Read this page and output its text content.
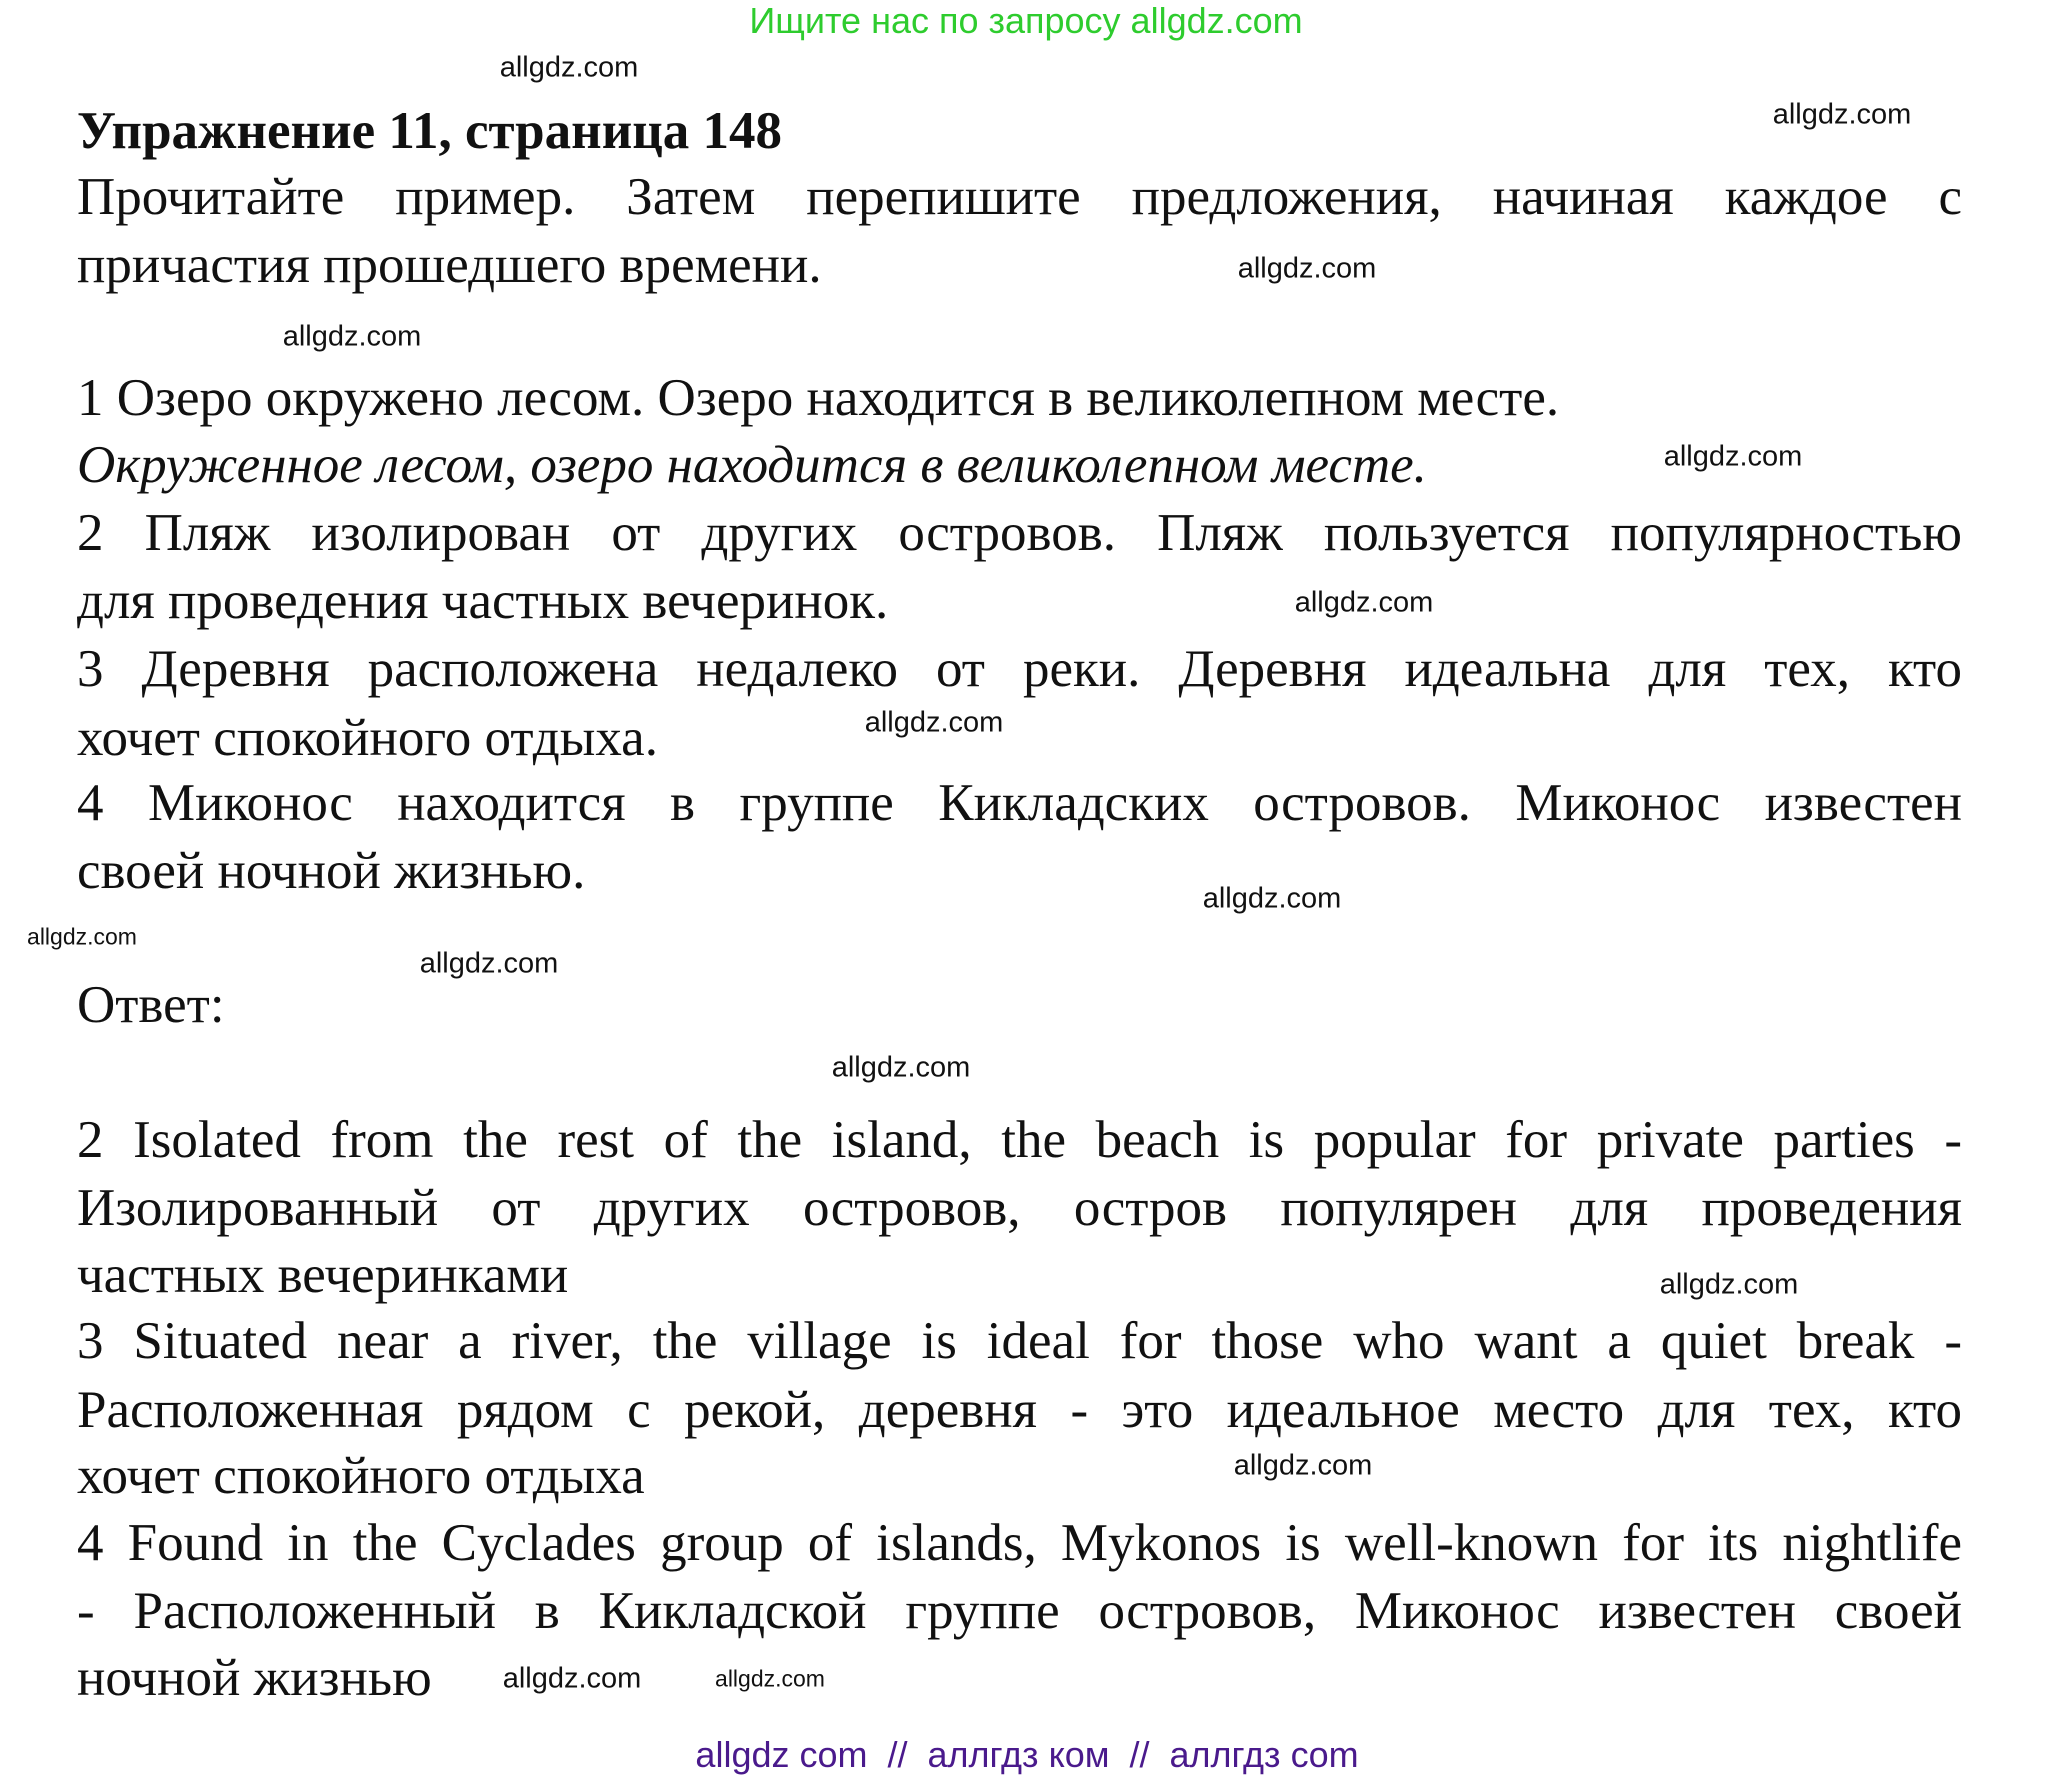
Ищите нас по запросу allgdz.com
Упражнение 11, страница 148
Прочитайте пример. Затем перепишите предложения, начиная каждое с
причастия прошедшего времени.
1 Озеро окружено лесом. Озеро находится в великолепном месте.
Окруженное лесом, озеро находится в великолепном месте.
2 Пляж изолирован от других островов. Пляж пользуется популярностью
для проведения частных вечеринок.
3 Деревня расположена недалеко от реки. Деревня идеальна для тех, кто
хочет спокойного отдыха.
4 Миконос находится в группе Кикладских островов. Миконос известен
своей ночной жизнью.
Ответ:
2 Isolated from the rest of the island, the beach is popular for private parties -
Изолированный от других островов, остров популярен для проведения
частных вечеринками
3 Situated near a river, the village is ideal for those who want a quiet break -
Расположенная рядом с рекой, деревня - это идеальное место для тех, кто
хочет спокойного отдыха
4 Found in the Cyclades group of islands, Mykonos is well-known for its nightlife
- Расположенный в Кикладской группе островов, Миконос известен своей
ночной жизнью
allgdz.com
allgdz.com
allgdz.com
allgdz.com
allgdz.com
allgdz.com
allgdz.com
allgdz.com
allgdz.com
allgdz.com
allgdz.com
allgdz.com
allgdz.com
allgdz.com
allgdz.com
allgdz com  //  аллгдз ком  //  аллгдз com
